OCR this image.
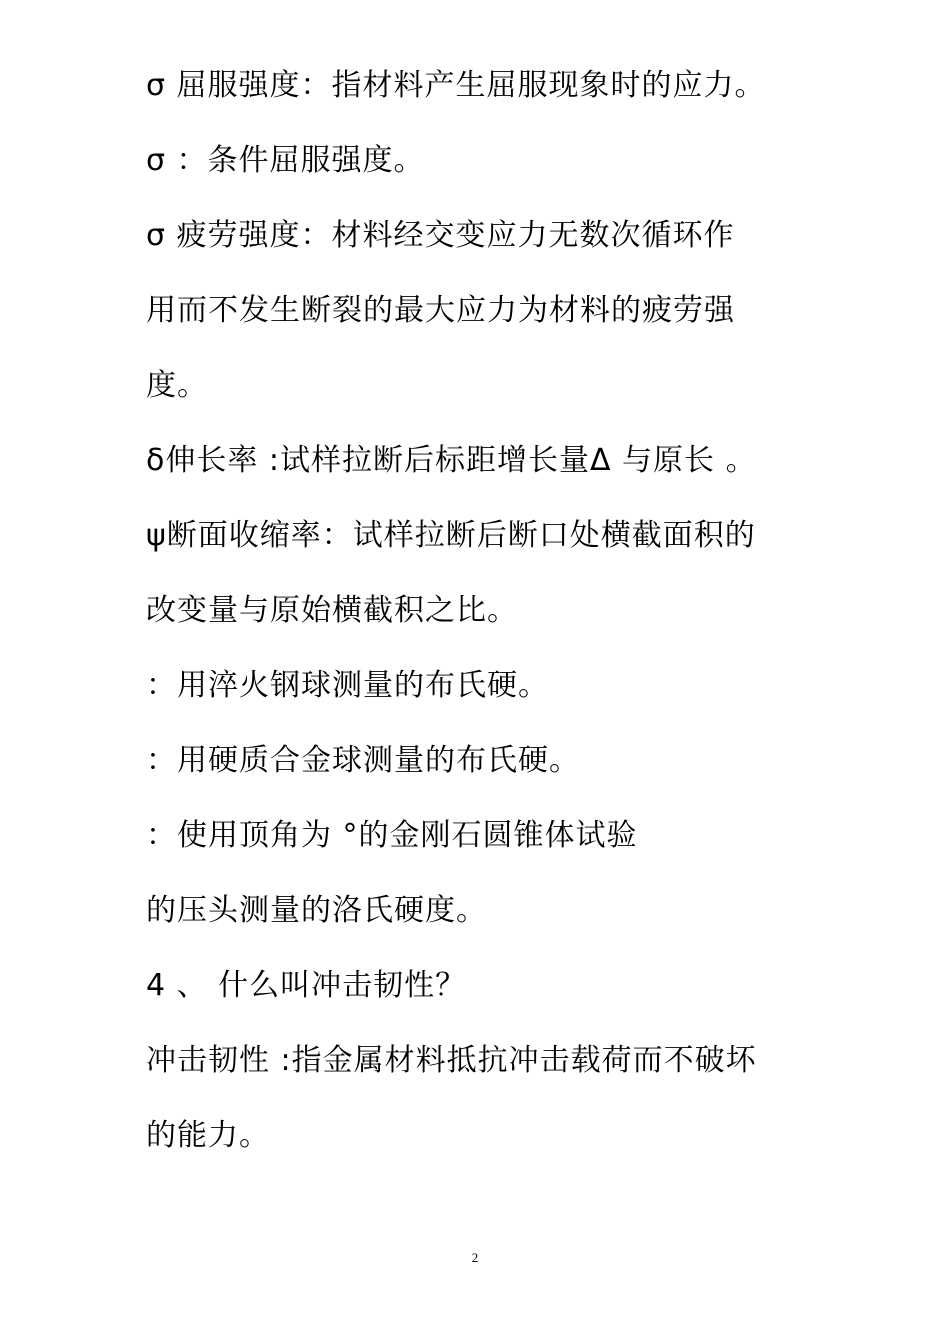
σ 屈服强度：指材料产生屈服现象时的应力。
σ ：条件屈服强度。
σ 疲劳强度：材料经交变应力无数次循环作
用而不发生断裂的最大应力为材料的疲劳强
度。
δ伸长率 :试样拉断后标距增长量Δ 与原长 。
ψ断面收缩率：试样拉断后断口处横截面积的
改变量与原始横截积之比。
：用淬火钢球测量的布氏硬。
：用硬质合金球测量的布氏硬。
：使用顶角为 °的金刚石圆锥体试验
的压头测量的洛氏硬度。
4 、 什么叫冲击韧性？
冲击韧性 :指金属材料抵抗冲击载荷而不破坏
的能力。
2
